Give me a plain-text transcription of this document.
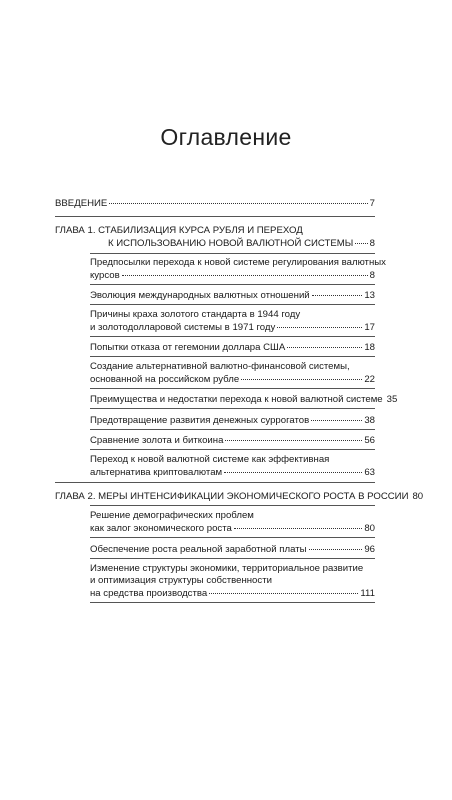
Оглавление
ВВЕДЕНИЕ	7
ГЛАВА 1. СТАБИЛИЗАЦИЯ КУРСА РУБЛЯ И ПЕРЕХОД
К ИСПОЛЬЗОВАНИЮ НОВОЙ ВАЛЮТНОЙ СИСТЕМЫ 8
Предпосылки перехода к новой системе регулирования валютных
курсов	8
Эволюция международных валютных отношений	13
Причины краха золотого стандарта в 1944 году
и золотодолларовой системы в 1971 году	17
Попытки отказа от гегемонии доллара США	18
Создание альтернативной валютно-финансовой системы,
основанной на российском рубле	22
Преимущества и недостатки перехода к новой валютной системе 35
Предотвращение развития денежных суррогатов	38
Сравнение золота и биткоина	56
Переход к новой валютной системе как эффективная
альтернатива криптовалютам	63
ГЛАВА 2. МЕРЫ ИНТЕНСИФИКАЦИИ ЭКОНОМИЧЕСКОГО РОСТА В РОССИИ 80
Решение демографических проблем
как залог экономического роста	80
Обеспечение роста реальной заработной платы	96
Изменение структуры экономики, территориальное развитие
и оптимизация структуры собственности
на средства производства	111
